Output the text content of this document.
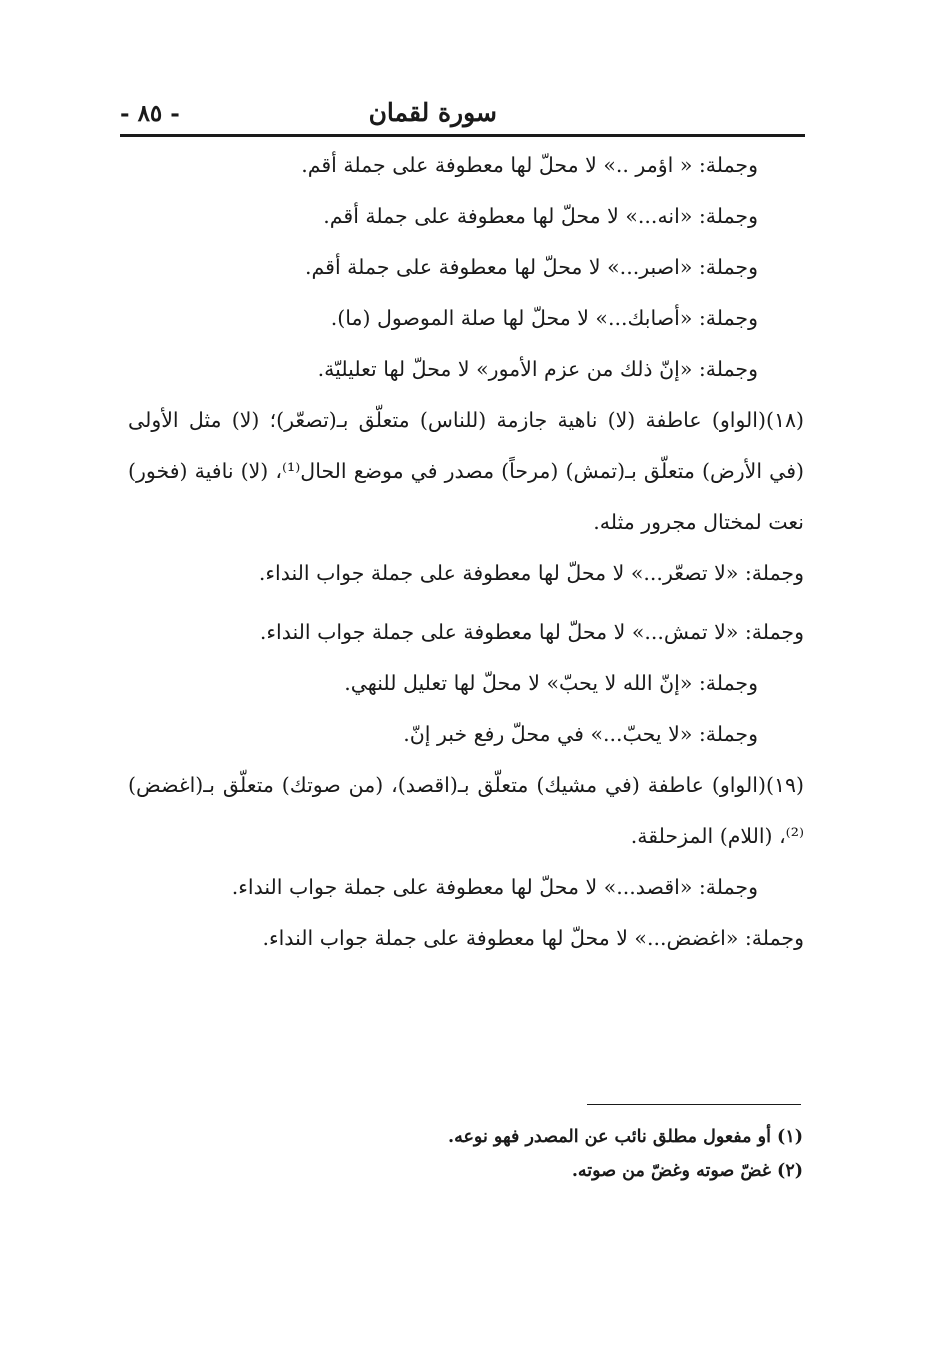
سورة لقمان
- ٨٥ -

وجملة: « اؤمر ..» لا محلّ لها معطوفة على جملة أقم.

وجملة: «انه...» لا محلّ لها معطوفة على جملة أقم.

وجملة: «اصبر...» لا محلّ لها معطوفة على جملة أقم.

وجملة: «أصابك...» لا محلّ لها صلة الموصول (ما).

وجملة: «إنّ ذلك من عزم الأمور» لا محلّ لها تعليليّة.

(١٨)(الواو) عاطفة (لا) ناهية جازمة (للناس) متعلّق بـ(تصعّر)؛ (لا) مثل الأولى (في الأرض) متعلّق بـ(تمش) (مرحاً) مصدر في موضع الحال⁽¹⁾، (لا) نافية (فخور) نعت لمختال مجرور مثله.

وجملة: «لا تصعّر...» لا محلّ لها معطوفة على جملة جواب النداء.

وجملة: «لا تمش...» لا محلّ لها معطوفة على جملة جواب النداء.

وجملة: «إنّ الله لا يحبّ» لا محلّ لها تعليل للنهي.

وجملة: «لا يحبّ...» في محلّ رفع خبر إنّ.

(١٩)(الواو) عاطفة (في مشيك) متعلّق بـ(اقصد)، (من صوتك) متعلّق بـ(اغضض)⁽²⁾، (اللام) المزحلقة.

وجملة: «اقصد...» لا محلّ لها معطوفة على جملة جواب النداء.

وجملة: «اغضض...» لا محلّ لها معطوفة على جملة جواب النداء.

(١) أو مفعول مطلق نائب عن المصدر فهو نوعه.

(٢) غضّ صوته وغضّ من صوته.
